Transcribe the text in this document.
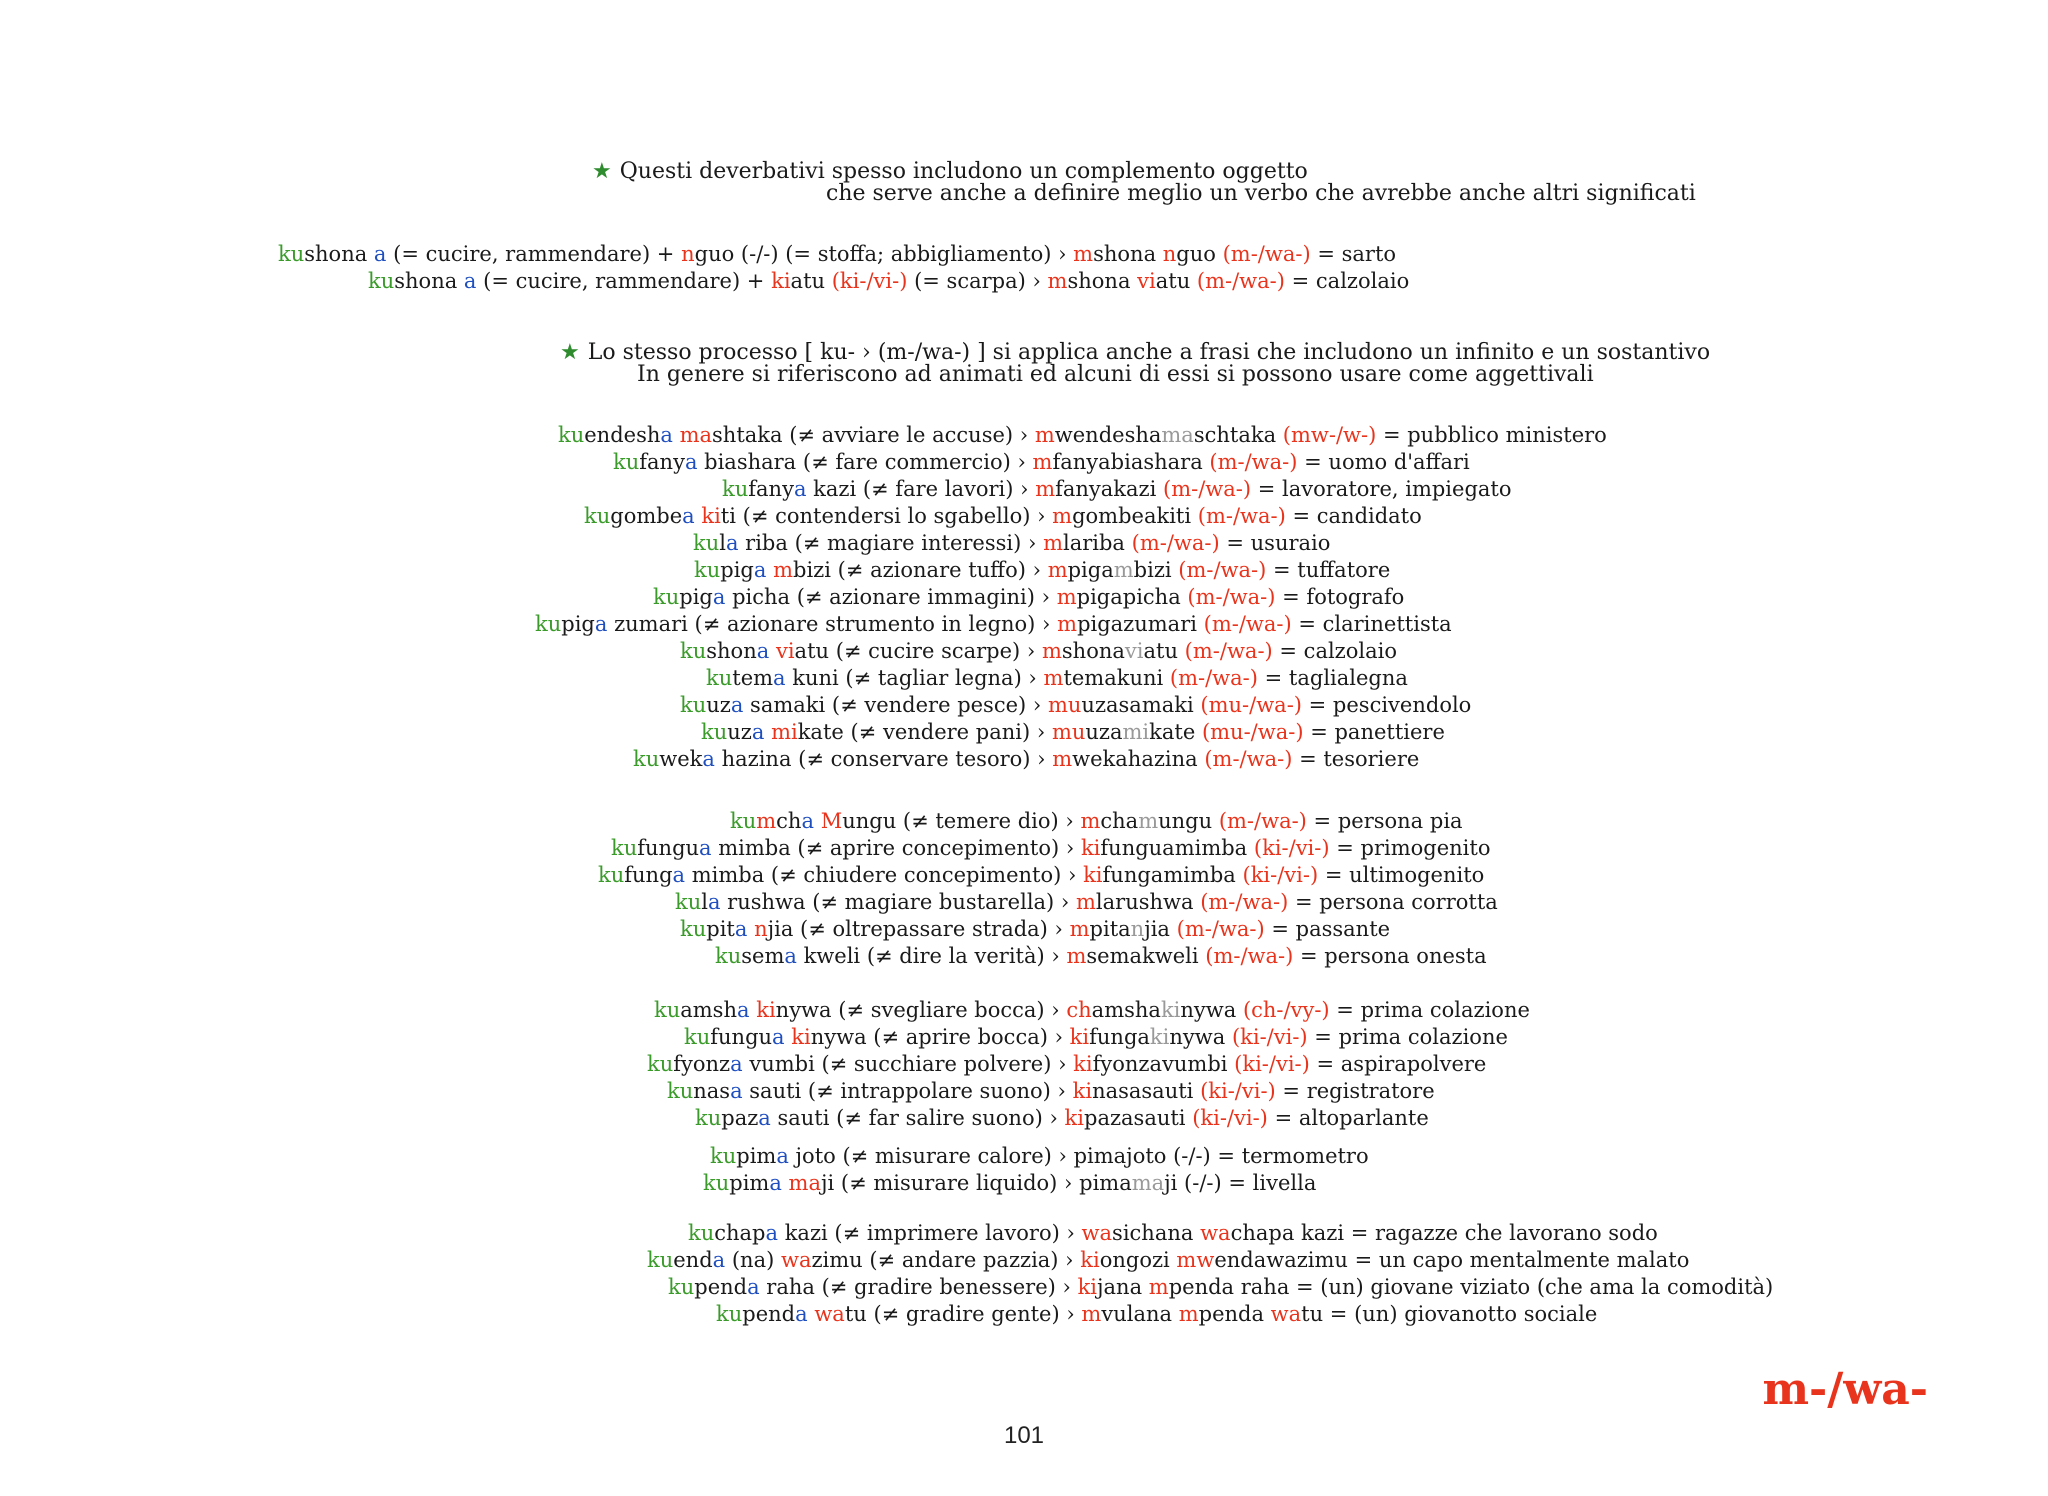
★ Questi deverbativi spesso includono un complemento oggetto
che serve anche a definire meglio un verbo che avrebbe anche altri significati
kushona a (= cucire, rammendare) + nguo (-/-) (= stoffa; abbigliamento) › mshona nguo (m-/wa-) = sarto
kushona a (= cucire, rammendare) + kiatu (ki-/vi-) (= scarpa) › mshona viatu (m-/wa-) = calzolaio
★ Lo stesso processo [ ku- › (m-/wa-) ] si applica anche a frasi che includono un infinito e un sostantivo
In genere si riferiscono ad animati ed alcuni di essi si possono usare come aggettivali
kuendesha mashtaka (≠ avviare le accuse) › mwendeshamaschtaka (mw-/w-) = pubblico ministero
kufanya biashara (≠ fare commercio) › mfanyabiashara (m-/wa-) = uomo d'affari
kufanya kazi (≠ fare lavori) › mfanyakazi (m-/wa-) = lavoratore, impiegato
kugombea kiti (≠ contendersi lo sgabello) › mgombeakiti (m-/wa-) = candidato
kula riba (≠ magiare interessi) › mlariba (m-/wa-) = usuraio
kupiga mbizi (≠ azionare tuffo) › mpigambizi (m-/wa-) = tuffatore
kupiga picha (≠ azionare immagini) › mpigapicha (m-/wa-) = fotografo
kupiga zumari (≠ azionare strumento in legno) › mpigazumari (m-/wa-) = clarinettista
kushona viatu (≠ cucire scarpe) › mshonaviatu (m-/wa-) = calzolaio
kutema kuni (≠ tagliar legna) › mtemakuni (m-/wa-) = taglialegna
kuuza samaki (≠ vendere pesce) › muuzasamaki (mu-/wa-) = pescivendolo
kuuza mikate (≠ vendere pani) › muuzamikate (mu-/wa-) = panettiere
kuweka hazina (≠ conservare tesoro) › mwekahazina (m-/wa-) = tesoriere
kumcha Mungu (≠ temere dio) › mchamungu (m-/wa-) = persona pia
kufungua mimba (≠ aprire concepimento) › kifunguamimba (ki-/vi-) = primogenito
kufunga mimba (≠ chiudere concepimento) › kifungamimba (ki-/vi-) = ultimogenito
kula rushwa (≠ magiare bustarella) › mlarushwa (m-/wa-) = persona corrotta
kupita njia (≠ oltrepassare strada) › mpitanjia (m-/wa-) = passante
kusema kweli (≠ dire la verità) › msemakweli (m-/wa-) = persona onesta
kuamsha kinywa (≠ svegliare bocca) › chamshakinywa (ch-/vy-) = prima colazione
kufungua kinywa (≠ aprire bocca) › kifungakinywa (ki-/vi-) = prima colazione
kufyonza vumbi (≠ succhiare polvere) › kifyonzavumbi (ki-/vi-) = aspirapolvere
kunasa sauti (≠ intrappolare suono) › kinasasauti (ki-/vi-) = registratore
kupaza sauti (≠ far salire suono) › kipazasauti (ki-/vi-) = altoparlante
kupima joto (≠ misurare calore) › pimajoto (-/-) = termometro
kupima maji (≠ misurare liquido) › pimamaji (-/-) = livella
kuchapa kazi (≠ imprimere lavoro) › wasichana wachapa kazi = ragazze che lavorano sodo
kuenda (na) wazimu (≠ andare pazzia) › kiongozi mwendawazimu = un capo mentalmente malato
kupenda raha (≠ gradire benessere) › kijana mpenda raha = (un) giovane viziato (che ama la comodità)
kupenda watu (≠ gradire gente) › mvulana mpenda watu = (un) giovanotto sociale
101
m-/wa-
